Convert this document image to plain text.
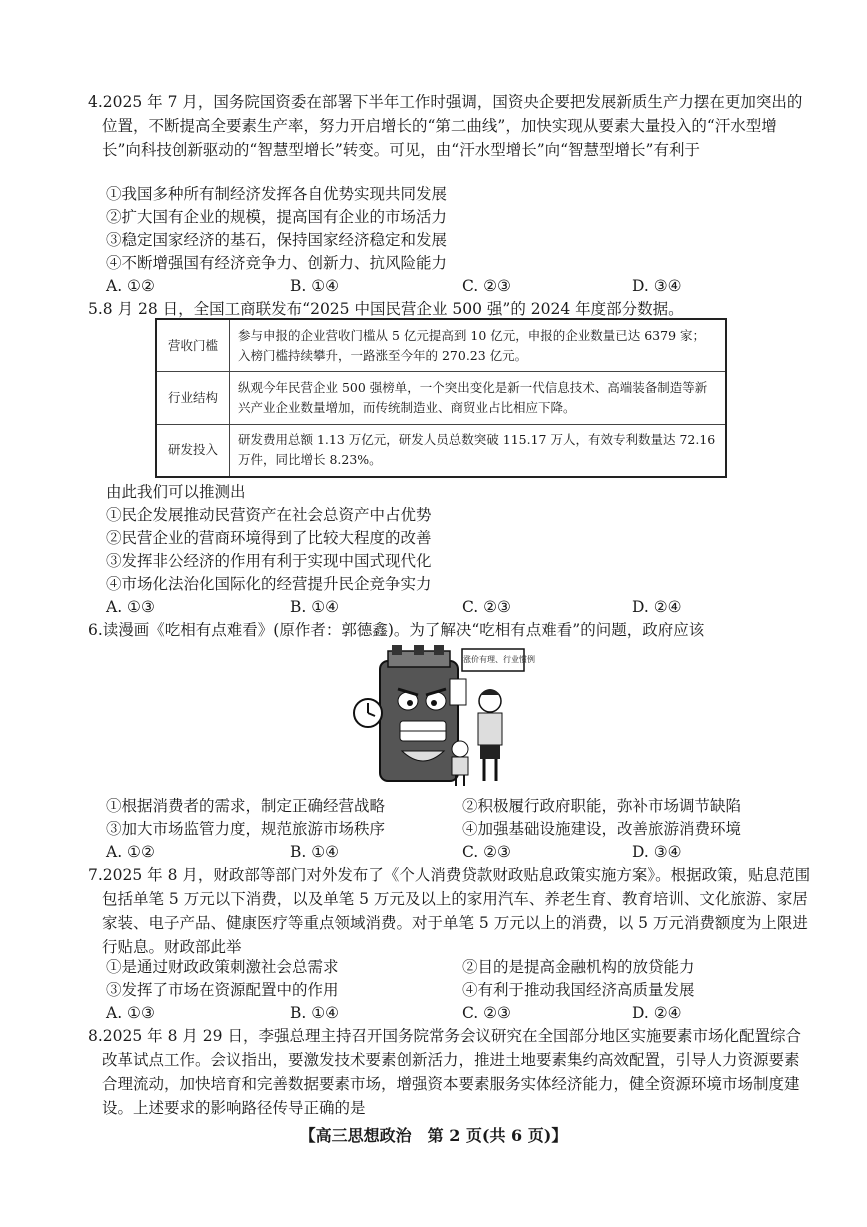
4.2025 年 7 月，国务院国资委在部署下半年工作时强调，国资央企要把发展新质生产力摆在更加突出的位置，不断提高全要素生产率，努力开启增长的“第二曲线”，加快实现从要素大量投入的“汗水型增长”向科技创新驱动的“智慧型增长”转变。可见，由“汗水型增长”向“智慧型增长”有利于
①我国多种所有制经济发挥各自优势实现共同发展
②扩大国有企业的规模，提高国有企业的市场活力
③稳定国家经济的基石，保持国家经济稳定和发展
④不断增强国有经济竞争力、创新力、抗风险能力
A. ①②	B. ①④	C. ②③	D. ③④
5.8 月 28 日，全国工商联发布“2025 中国民营企业 500 强”的 2024 年度部分数据。
营收门槛	参与申报的企业营收门槛从 5 亿元提高到 10 亿元，申报的企业数量已达 6379 家；入榜门槛持续攀升，一路涨至今年的 270.23 亿元。
行业结构	纵观今年民营企业 500 强榜单，一个突出变化是新一代信息技术、高端装备制造等新兴产业企业数量增加，而传统制造业、商贸业占比相应下降。
研发投入	研发费用总额 1.13 万亿元，研发人员总数突破 115.17 万人，有效专利数量达 72.16 万件，同比增长 8.23%。
由此我们可以推测出
①民企发展推动民营资产在社会总资产中占优势
②民营企业的营商环境得到了比较大程度的改善
③发挥非公经济的作用有利于实现中国式现代化
④市场化法治化国际化的经营提升民企竞争实力
A. ①③	B. ①④	C. ②③	D. ②④
6.读漫画《吃相有点难看》(原作者：郭德鑫)。为了解决“吃相有点难看”的问题，政府应该
涨价有理、行业惯例
①根据消费者的需求，制定正确经营战略	②积极履行政府职能，弥补市场调节缺陷
③加大市场监管力度，规范旅游市场秩序	④加强基础设施建设，改善旅游消费环境
A. ①②	B. ①④	C. ②③	D. ③④
7.2025 年 8 月，财政部等部门对外发布了《个人消费贷款财政贴息政策实施方案》。根据政策，贴息范围包括单笔 5 万元以下消费，以及单笔 5 万元及以上的家用汽车、养老生育、教育培训、文化旅游、家居家装、电子产品、健康医疗等重点领域消费。对于单笔 5 万元以上的消费，以 5 万元消费额度为上限进行贴息。财政部此举
①是通过财政政策刺激社会总需求	②目的是提高金融机构的放贷能力
③发挥了市场在资源配置中的作用	④有利于推动我国经济高质量发展
A. ①③	B. ①④	C. ②③	D. ②④
8.2025 年 8 月 29 日，李强总理主持召开国务院常务会议研究在全国部分地区实施要素市场化配置综合改革试点工作。会议指出，要激发技术要素创新活力，推进土地要素集约高效配置，引导人力资源要素合理流动，加快培育和完善数据要素市场，增强资本要素服务实体经济能力，健全资源环境市场制度建设。上述要求的影响路径传导正确的是
【高三思想政治　第 2 页(共 6 页)】
